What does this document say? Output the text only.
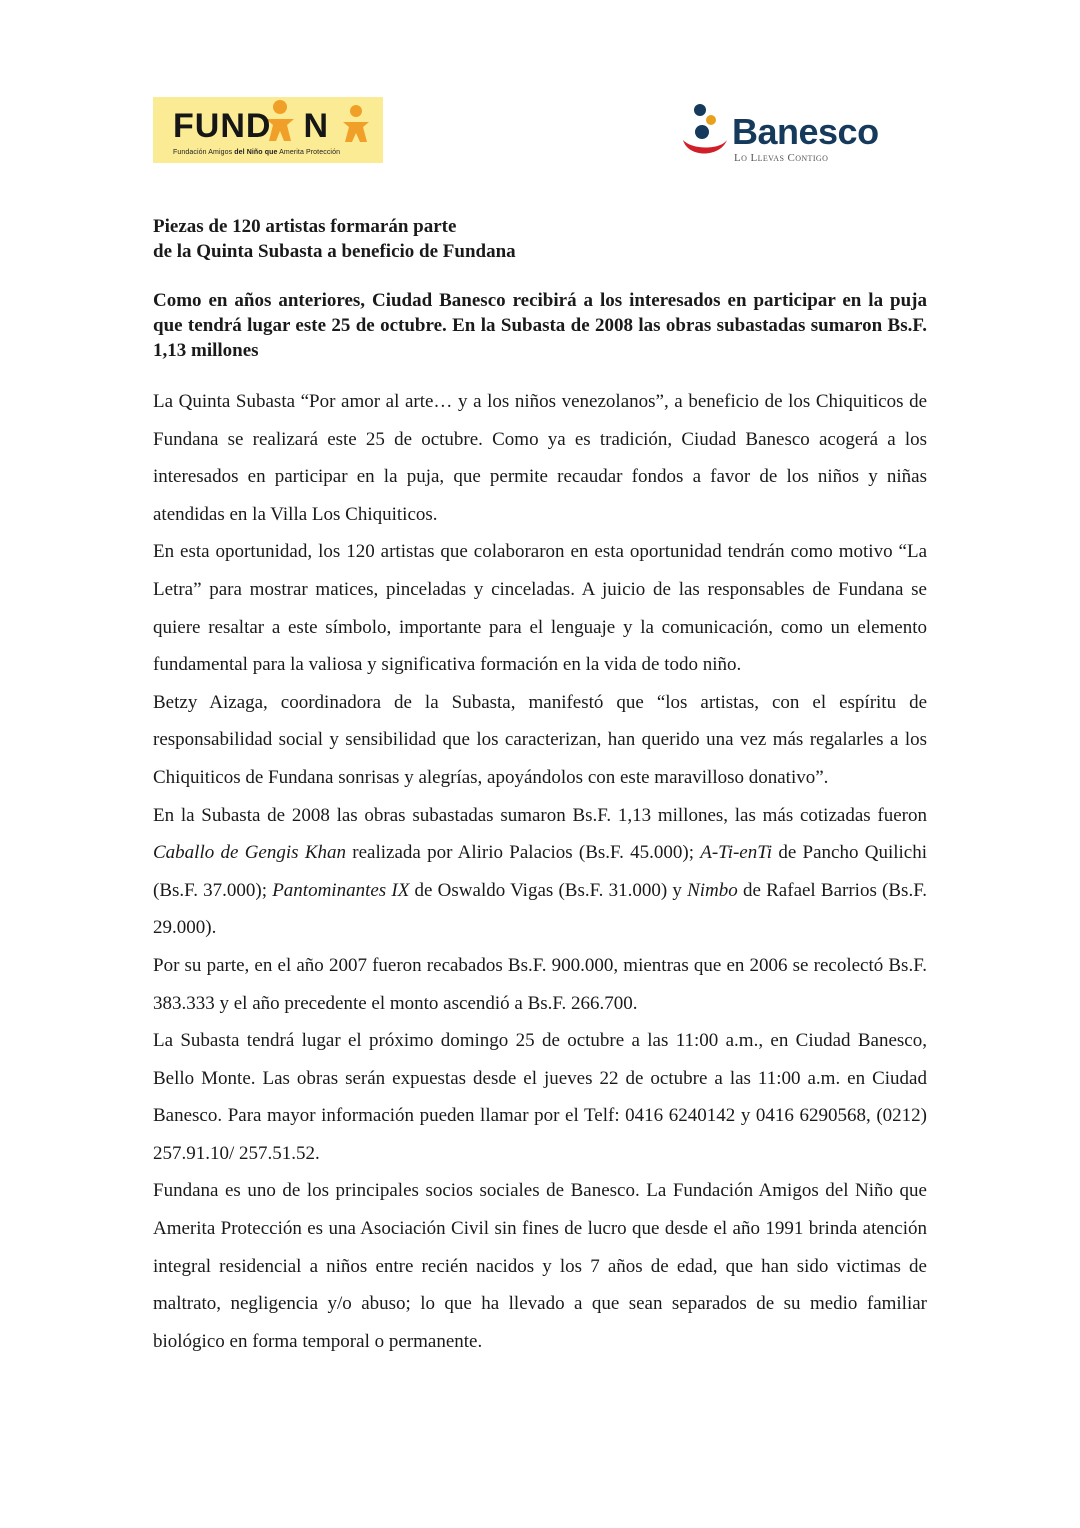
FUND N
Fundación Amigos del Niño que Amerita Protección
Banesco
Lo Llevas Contigo
Piezas de 120 artistas formarán parte
de la Quinta Subasta a beneficio de Fundana
Como en años anteriores, Ciudad Banesco recibirá a los interesados en participar en la puja que tendrá lugar este 25 de octubre. En la Subasta de 2008 las obras subastadas sumaron Bs.F. 1,13 millones

La Quinta Subasta “Por amor al arte… y a los niños venezolanos”, a beneficio de los Chiquiticos de Fundana se realizará este 25 de octubre. Como ya es tradición, Ciudad Banesco acogerá a los interesados en participar en la puja, que permite recaudar fondos a favor de los niños y niñas atendidas en la Villa Los Chiquiticos.

En esta oportunidad, los 120 artistas que colaboraron en esta oportunidad tendrán como motivo “La Letra” para mostrar matices, pinceladas y cinceladas. A juicio de las responsables de Fundana se quiere resaltar a este símbolo, importante para el lenguaje y la comunicación, como un elemento fundamental para la valiosa y significativa formación en la vida de todo niño.

Betzy Aizaga, coordinadora de la Subasta, manifestó que “los artistas, con el espíritu de responsabilidad social y sensibilidad que los caracterizan, han querido una vez más regalarles a los Chiquiticos de Fundana sonrisas y alegrías, apoyándolos con este maravilloso donativo”.

En la Subasta de 2008 las obras subastadas sumaron Bs.F. 1,13 millones, las más cotizadas fueron Caballo de Gengis Khan realizada por Alirio Palacios (Bs.F. 45.000); A-Ti-enTi de Pancho Quilichi (Bs.F. 37.000); Pantominantes IX de Oswaldo Vigas (Bs.F. 31.000) y Nimbo de Rafael Barrios (Bs.F. 29.000).

Por su parte, en el año 2007 fueron recabados Bs.F. 900.000, mientras que en 2006 se recolectó Bs.F. 383.333 y el año precedente el monto ascendió a Bs.F. 266.700.

La Subasta tendrá lugar el próximo domingo 25 de octubre a las 11:00 a.m., en Ciudad Banesco, Bello Monte. Las obras serán expuestas desde el jueves 22 de octubre a las 11:00 a.m. en Ciudad Banesco. Para mayor información pueden llamar por el Telf: 0416 6240142 y 0416 6290568, (0212) 257.91.10/ 257.51.52.

Fundana es uno de los principales socios sociales de Banesco. La Fundación Amigos del Niño que Amerita Protección es una Asociación Civil sin fines de lucro que desde el año 1991 brinda atención integral residencial a niños entre recién nacidos y los 7 años de edad, que han sido victimas de maltrato, negligencia y/o abuso; lo que ha llevado a que sean separados de su medio familiar biológico en forma temporal o permanente.
